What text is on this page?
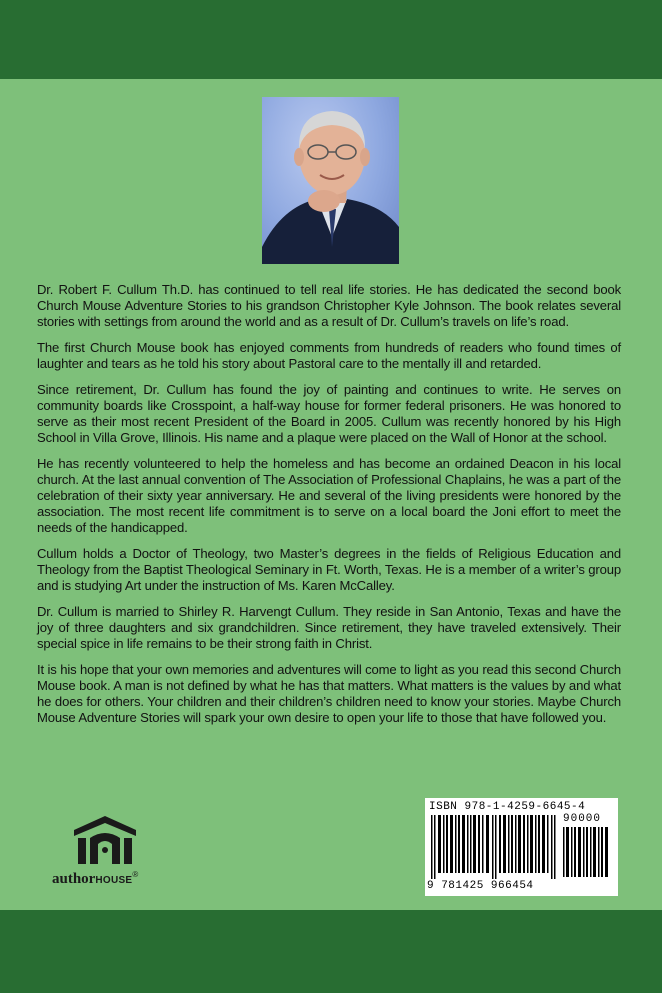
Dr. Robert F. Cullum Th.D. has continued to tell real life stories. He has dedicated the second book Church Mouse Adventure Stories to his grandson Christopher Kyle Johnson. The book relates several stories with settings from around the world and as a result of Dr. Cullum’s travels on life’s road.

The first Church Mouse book has enjoyed comments from hundreds of readers who found times of laughter and tears as he told his story about Pastoral care to the mentally ill and retarded.

Since retirement, Dr. Cullum has found the joy of painting and continues to write. He serves on community boards like Crosspoint, a half-way house for former federal prisoners. He was honored to serve as their most recent President of the Board in 2005. Cullum was recently honored by his High School in Villa Grove, Illinois. His name and a plaque were placed on the Wall of Honor at the school.

He has recently volunteered to help the homeless and has become an ordained Deacon in his local church. At the last annual convention of The Association of Professional Chaplains, he was a part of the celebration of their sixty year anniversary. He and several of the living presidents were honored by the association. The most recent life commitment is to serve on a local board the Joni effort to meet the needs of the handicapped.

Cullum holds a Doctor of Theology, two Master’s degrees in the fields of Religious Education and Theology from the Baptist Theological Seminary in Ft. Worth, Texas. He is a member of a writer’s group and is studying Art under the instruction of Ms. Karen McCalley.

Dr. Cullum is married to Shirley R. Harvengt Cullum. They reside in San Antonio, Texas and have the joy of three daughters and six grandchildren. Since retirement, they have traveled extensively. Their special spice in life remains to be their strong faith in Christ.

It is his hope that your own memories and adventures will come to light as you read this second Church Mouse book. A man is not defined by what he has that matters. What matters is the values by and what he does for others. Your children and their children’s children need to know your stories. Maybe Church Mouse Adventure Stories will spark your own desire to open your life to those that have followed you.

authorHOUSE®
ISBN 978-1-4259-6645-4
90000
9 781425 966454
